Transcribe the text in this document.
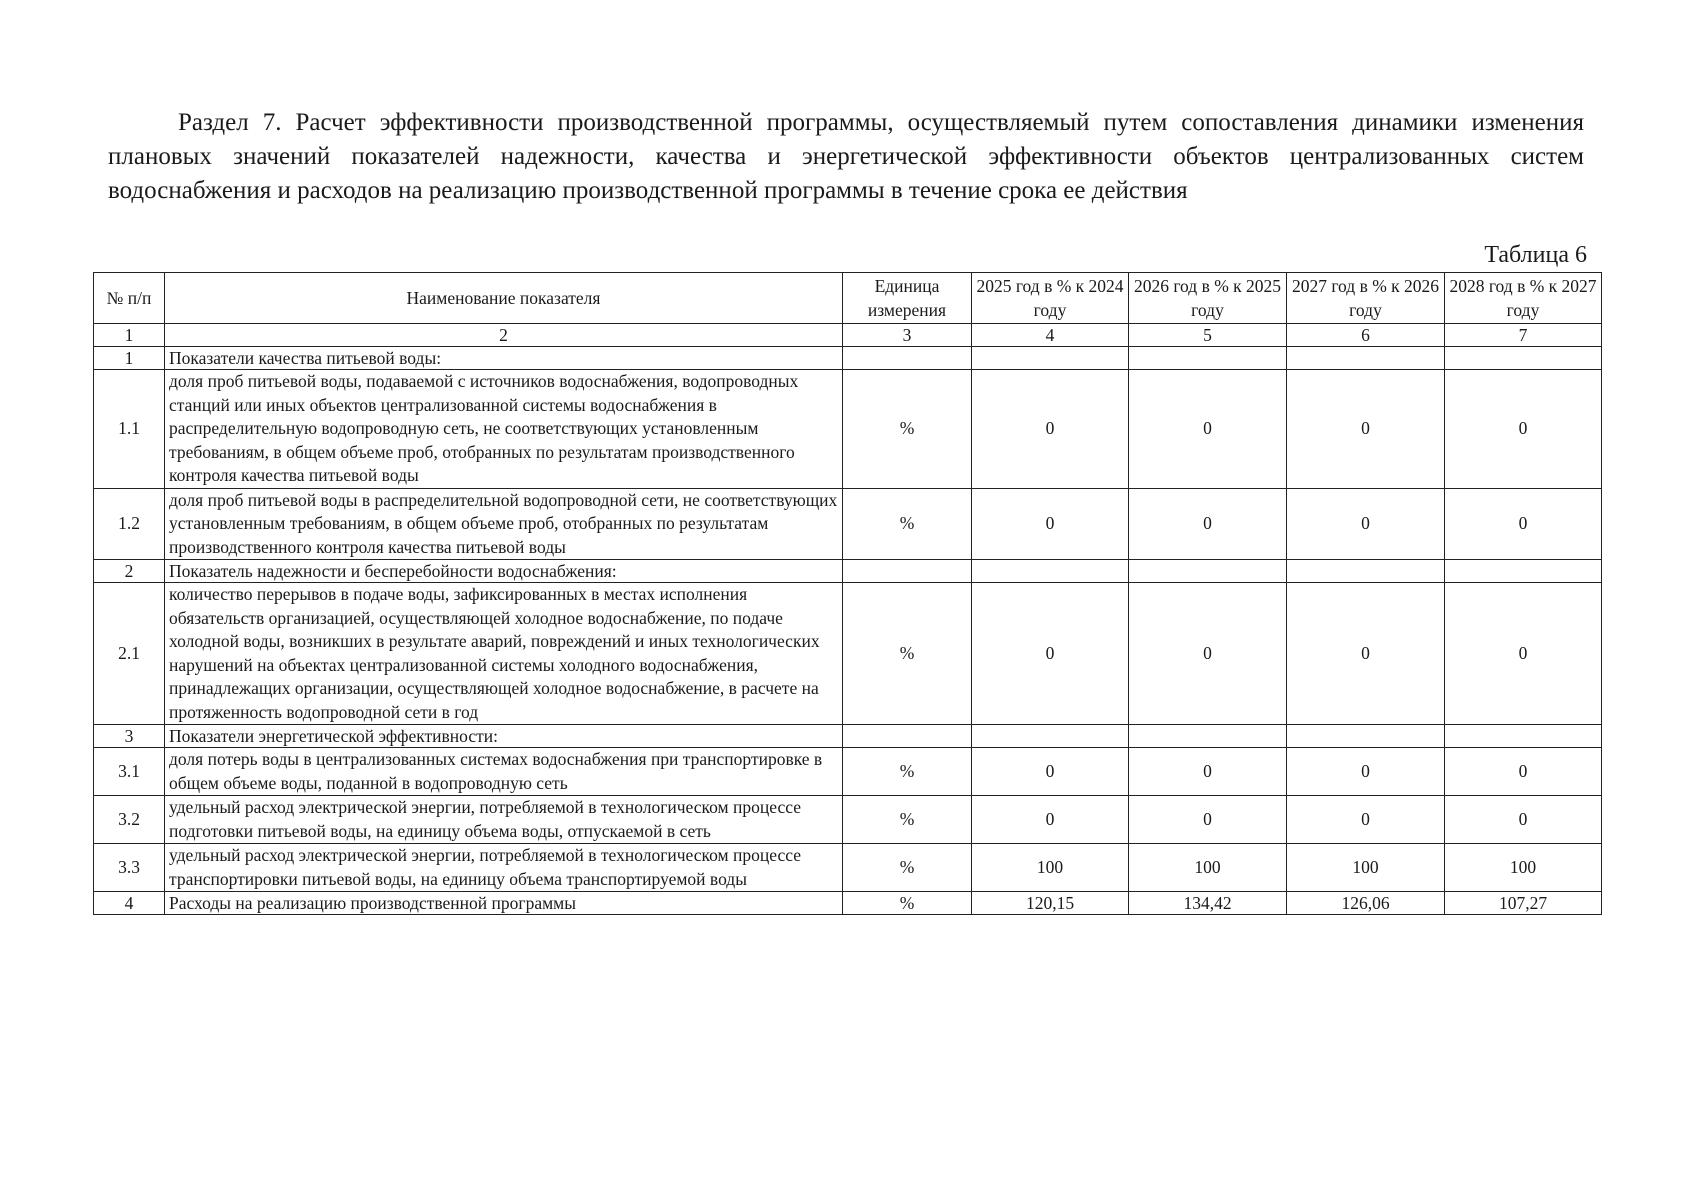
Раздел 7. Расчет эффективности производственной программы, осуществляемый путем сопоставления динамики изменения плановых значений показателей надежности, качества и энергетической эффективности объектов централизованных систем водоснабжения и расходов на реализацию производственной программы в течение срока ее действия

Таблица 6
№ п/п	Наименование показателя	Единица измерения	2025 год в % к 2024 году	2026 год в % к 2025 году	2027 год в % к 2026 году	2028 год в % к 2027 году
1	2	3	4	5	6	7
1	Показатели качества питьевой воды:					
1.1	доля проб питьевой воды, подаваемой с источников водоснабжения, водопроводных станций или иных объектов централизованной системы водоснабжения в распределительную водопроводную сеть, не соответствующих установленным требованиям, в общем объеме проб, отобранных по результатам производственного контроля качества питьевой воды	%	0	0	0	0
1.2	доля проб питьевой воды в распределительной водопроводной сети, не соответствующих установленным требованиям, в общем объеме проб, отобранных по результатам производственного контроля качества питьевой воды	%	0	0	0	0
2	Показатель надежности и бесперебойности водоснабжения:					
2.1	количество перерывов в подаче воды, зафиксированных в местах исполнения обязательств организацией, осуществляющей холодное водоснабжение, по подаче холодной воды, возникших в результате аварий, повреждений и иных технологических нарушений на объектах централизованной системы холодного водоснабжения, принадлежащих организации, осуществляющей холодное водоснабжение, в расчете на протяженность водопроводной сети в год	%	0	0	0	0
3	Показатели энергетической эффективности:					
3.1	доля потерь воды в централизованных системах водоснабжения при транспортировке в общем объеме воды, поданной в водопроводную сеть	%	0	0	0	0
3.2	удельный расход электрической энергии, потребляемой в технологическом процессе подготовки питьевой воды, на единицу объема воды, отпускаемой в сеть	%	0	0	0	0
3.3	удельный расход электрической энергии, потребляемой в технологическом процессе транспортировки питьевой воды, на единицу объема транспортируемой воды	%	100	100	100	100
4	Расходы на реализацию производственной программы	%	120,15	134,42	126,06	107,27
